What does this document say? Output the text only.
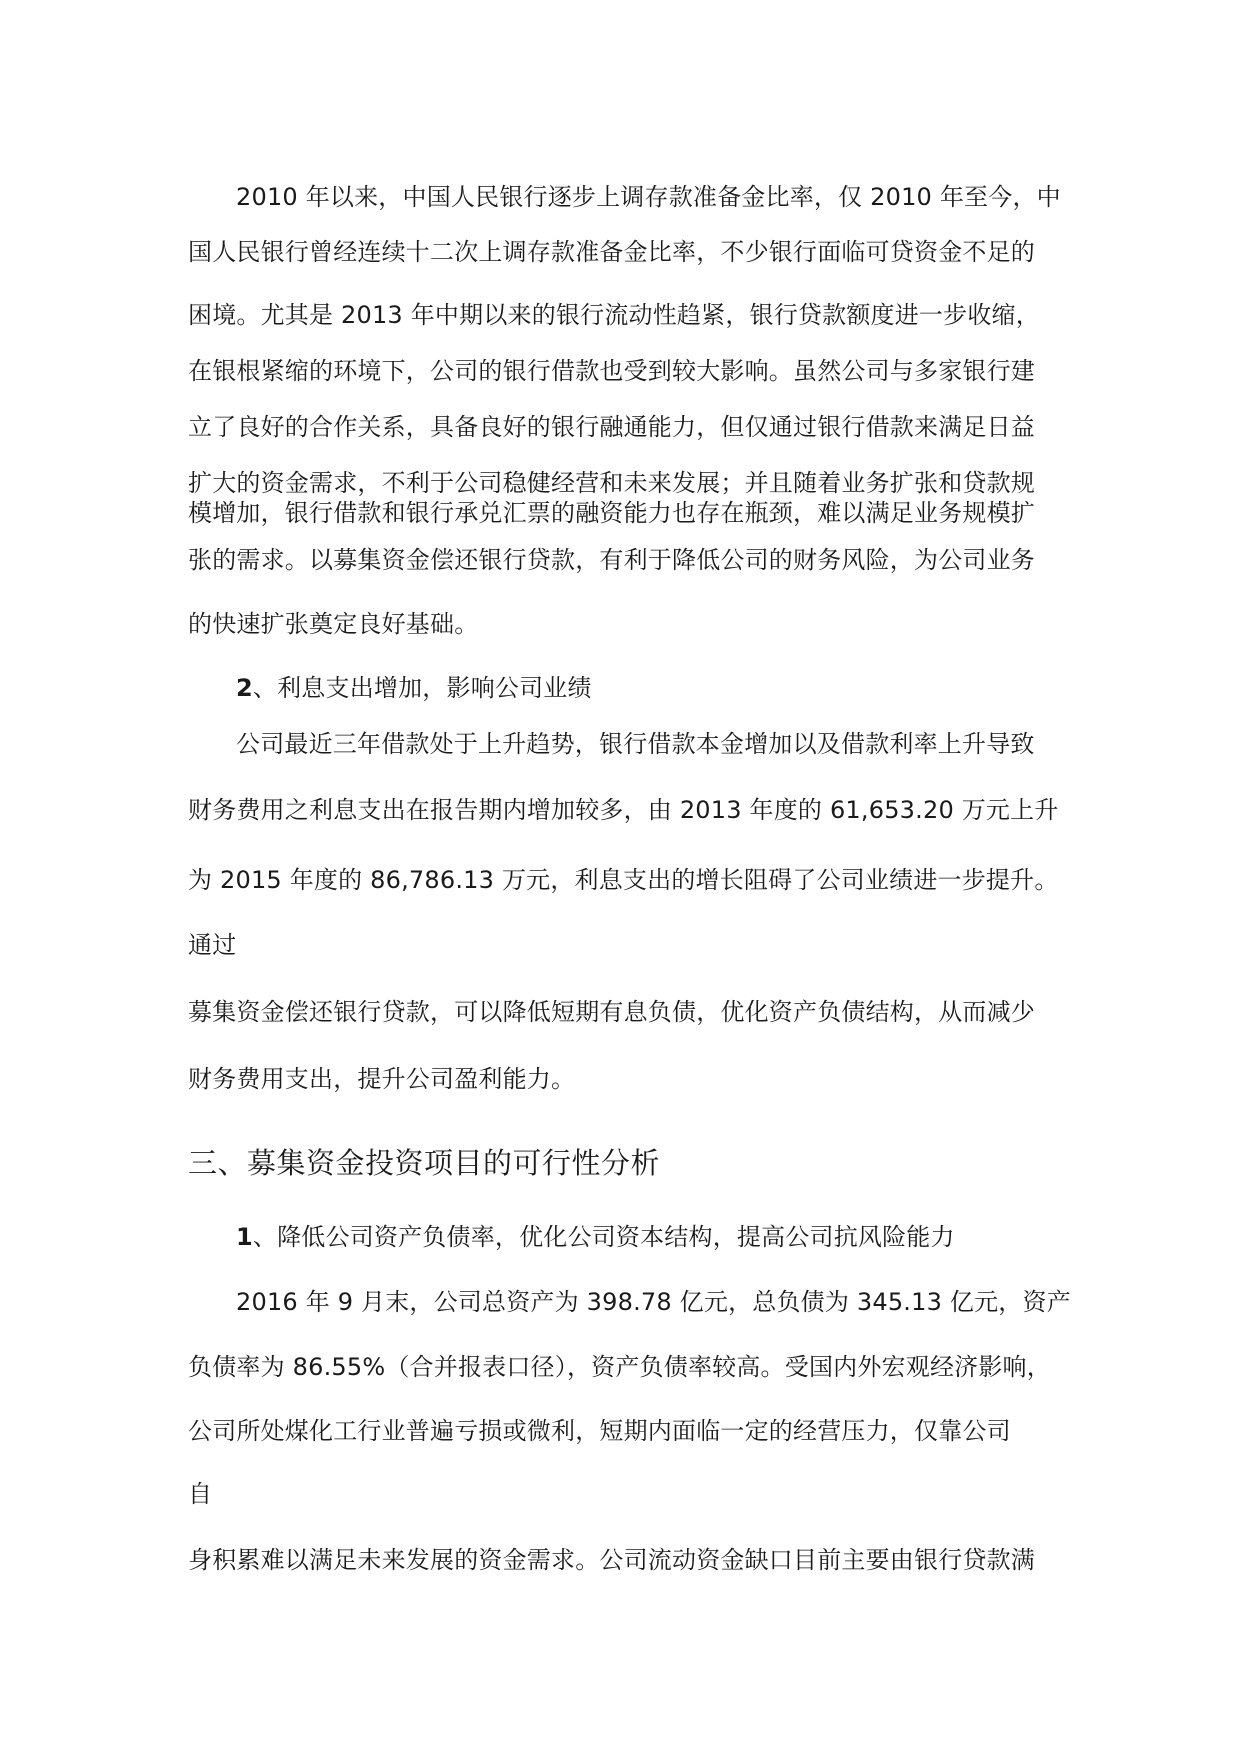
2010 年以来，中国人民银行逐步上调存款准备金比率，仅 2010 年至今，中
国人民银行曾经连续十二次上调存款准备金比率，不少银行面临可贷资金不足的
困境。尤其是 2013 年中期以来的银行流动性趋紧，银行贷款额度进一步收缩，
在银根紧缩的环境下，公司的银行借款也受到较大影响。虽然公司与多家银行建
立了良好的合作关系，具备良好的银行融通能力，但仅通过银行借款来满足日益
扩大的资金需求，不利于公司稳健经营和未来发展；并且随着业务扩张和贷款规
模增加，银行借款和银行承兑汇票的融资能力也存在瓶颈，难以满足业务规模扩
张的需求。以募集资金偿还银行贷款，有利于降低公司的财务风险，为公司业务
的快速扩张奠定良好基础。
2、利息支出增加，影响公司业绩
公司最近三年借款处于上升趋势，银行借款本金增加以及借款利率上升导致
财务费用之利息支出在报告期内增加较多，由 2013 年度的 61,653.20 万元上升
为 2015 年度的 86,786.13 万元，利息支出的增长阻碍了公司业绩进一步提升。
通过
募集资金偿还银行贷款，可以降低短期有息负债，优化资产负债结构，从而减少
财务费用支出，提升公司盈利能力。
三、募集资金投资项目的可行性分析
1、降低公司资产负债率，优化公司资本结构，提高公司抗风险能力
2016 年 9 月末，公司总资产为 398.78 亿元，总负债为 345.13 亿元，资产
负债率为 86.55%（合并报表口径），资产负债率较高。受国内外宏观经济影响，
公司所处煤化工行业普遍亏损或微利，短期内面临一定的经营压力，仅靠公司
自
身积累难以满足未来发展的资金需求。公司流动资金缺口目前主要由银行贷款满
